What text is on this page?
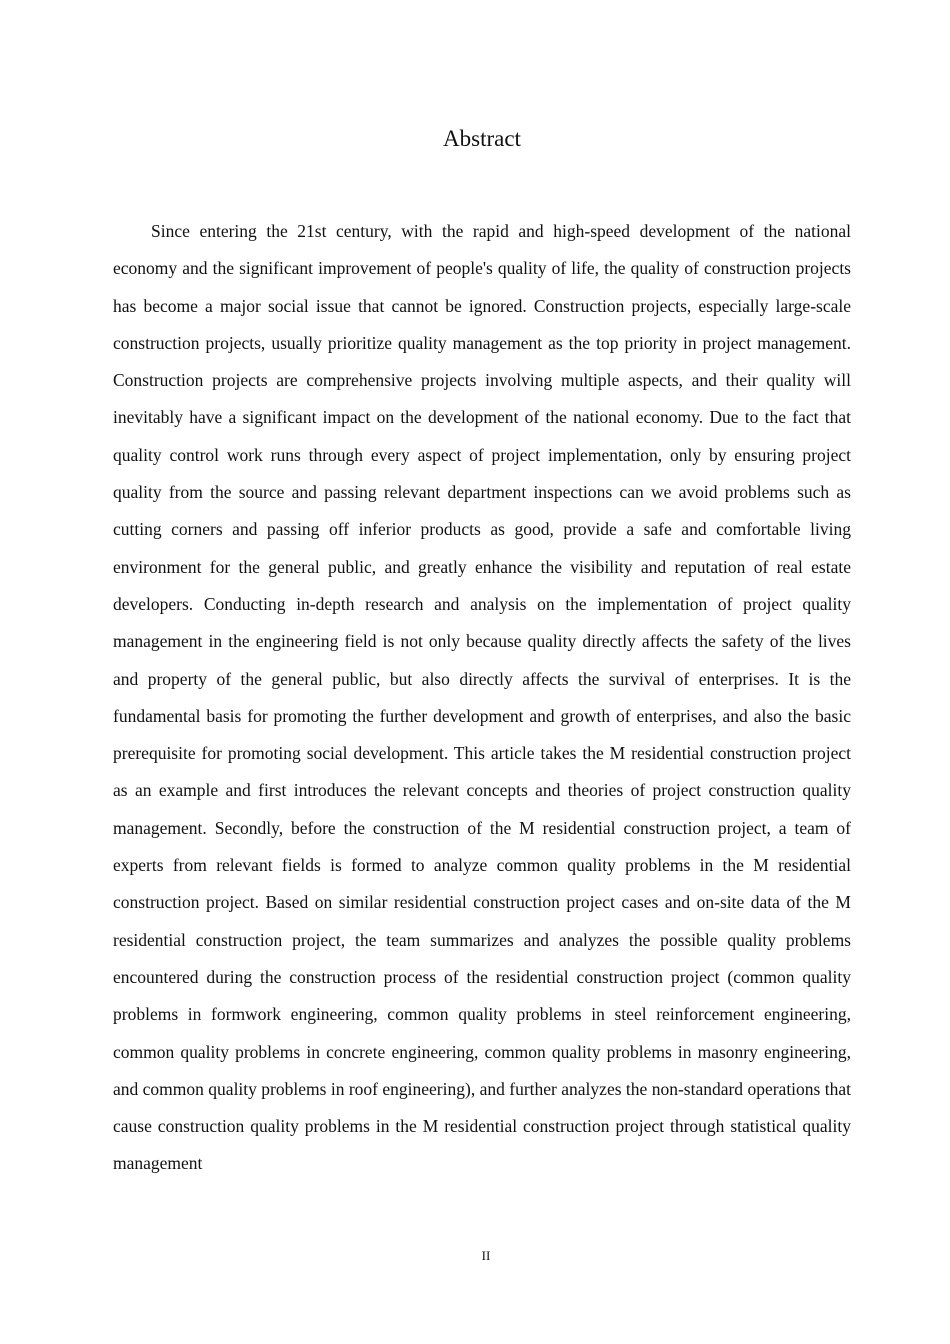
Abstract

Since entering the 21st century, with the rapid and high-speed development of the national economy and the significant improvement of people's quality of life, the quality of construction projects has become a major social issue that cannot be ignored. Construction projects, especially large-scale construction projects, usually prioritize quality management as the top priority in project management. Construction projects are comprehensive projects involving multiple aspects, and their quality will inevitably have a significant impact on the development of the national economy. Due to the fact that quality control work runs through every aspect of project implementation, only by ensuring project quality from the source and passing relevant department inspections can we avoid problems such as cutting corners and passing off inferior products as good, provide a safe and comfortable living environment for the general public, and greatly enhance the visibility and reputation of real estate developers. Conducting in-depth research and analysis on the implementation of project quality management in the engineering field is not only because quality directly affects the safety of the lives and property of the general public, but also directly affects the survival of enterprises. It is the fundamental basis for promoting the further development and growth of enterprises, and also the basic prerequisite for promoting social development. This article takes the M residential construction project as an example and first introduces the relevant concepts and theories of project construction quality management. Secondly, before the construction of the M residential construction project, a team of experts from relevant fields is formed to analyze common quality problems in the M residential construction project. Based on similar residential construction project cases and on-site data of the M residential construction project, the team summarizes and analyzes the possible quality problems encountered during the construction process of the residential construction project (common quality problems in formwork engineering, common quality problems in steel reinforcement engineering, common quality problems in concrete engineering, common quality problems in masonry engineering, and common quality problems in roof engineering), and further analyzes the non-standard operations that cause construction quality problems in the M residential construction project through statistical quality management

II
